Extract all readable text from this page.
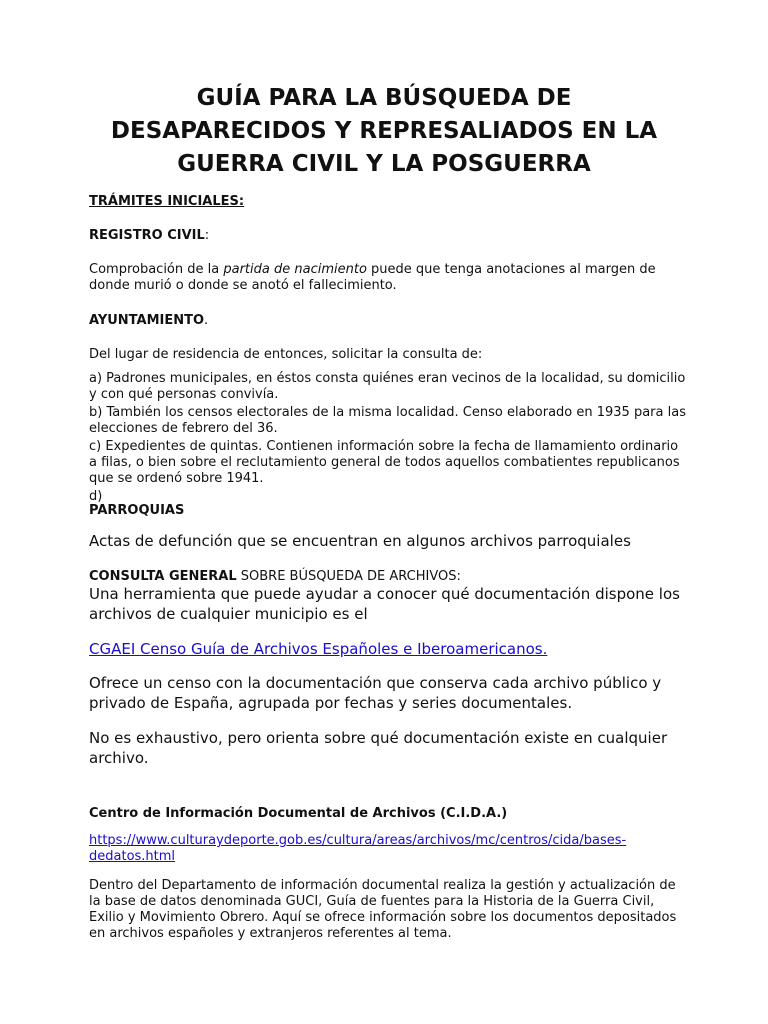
GUÍA PARA LA BÚSQUEDA DE
DESAPARECIDOS Y REPRESALIADOS EN LA
GUERRA CIVIL Y LA POSGUERRA
TRÁMITES INICIALES:
REGISTRO CIVIL:
Comprobación de la partida de nacimiento puede que tenga anotaciones al margen de donde murió o donde se anotó el fallecimiento.
AYUNTAMIENTO.
Del lugar de residencia de entonces, solicitar la consulta de:

a) Padrones municipales, en éstos consta quiénes eran vecinos de la localidad, su domicilio y con qué personas convivía.

b) También los censos electorales de la misma localidad. Censo elaborado en 1935 para las elecciones de febrero del 36.

c) Expedientes de quintas. Contienen información sobre la fecha de llamamiento ordinario a filas, o bien sobre el reclutamiento general de todos aquellos combatientes republicanos que se ordenó sobre 1941.

d)

PARROQUIAS
Actas de defunción que se encuentran en algunos archivos parroquiales
CONSULTA GENERAL SOBRE BÚSQUEDA DE ARCHIVOS:
Una herramienta que puede ayudar a conocer qué documentación dispone los archivos de cualquier municipio es el
CGAEI Censo Guía de Archivos Españoles e Iberoamericanos.
Ofrece un censo con la documentación que conserva cada archivo público y privado de España, agrupada por fechas y series documentales.
No es exhaustivo, pero orienta sobre qué documentación existe en cualquier archivo.
Centro de Información Documental de Archivos (C.I.D.A.)
https://www.culturaydeporte.gob.es/cultura/areas/archivos/mc/centros/cida/bases-
dedatos.html
Dentro del Departamento de información documental realiza la gestión y actualización de la base de datos denominada GUCI, Guía de fuentes para la Historia de la Guerra Civil, Exilio y Movimiento Obrero. Aquí se ofrece información sobre los documentos depositados en archivos españoles y extranjeros referentes al tema.
